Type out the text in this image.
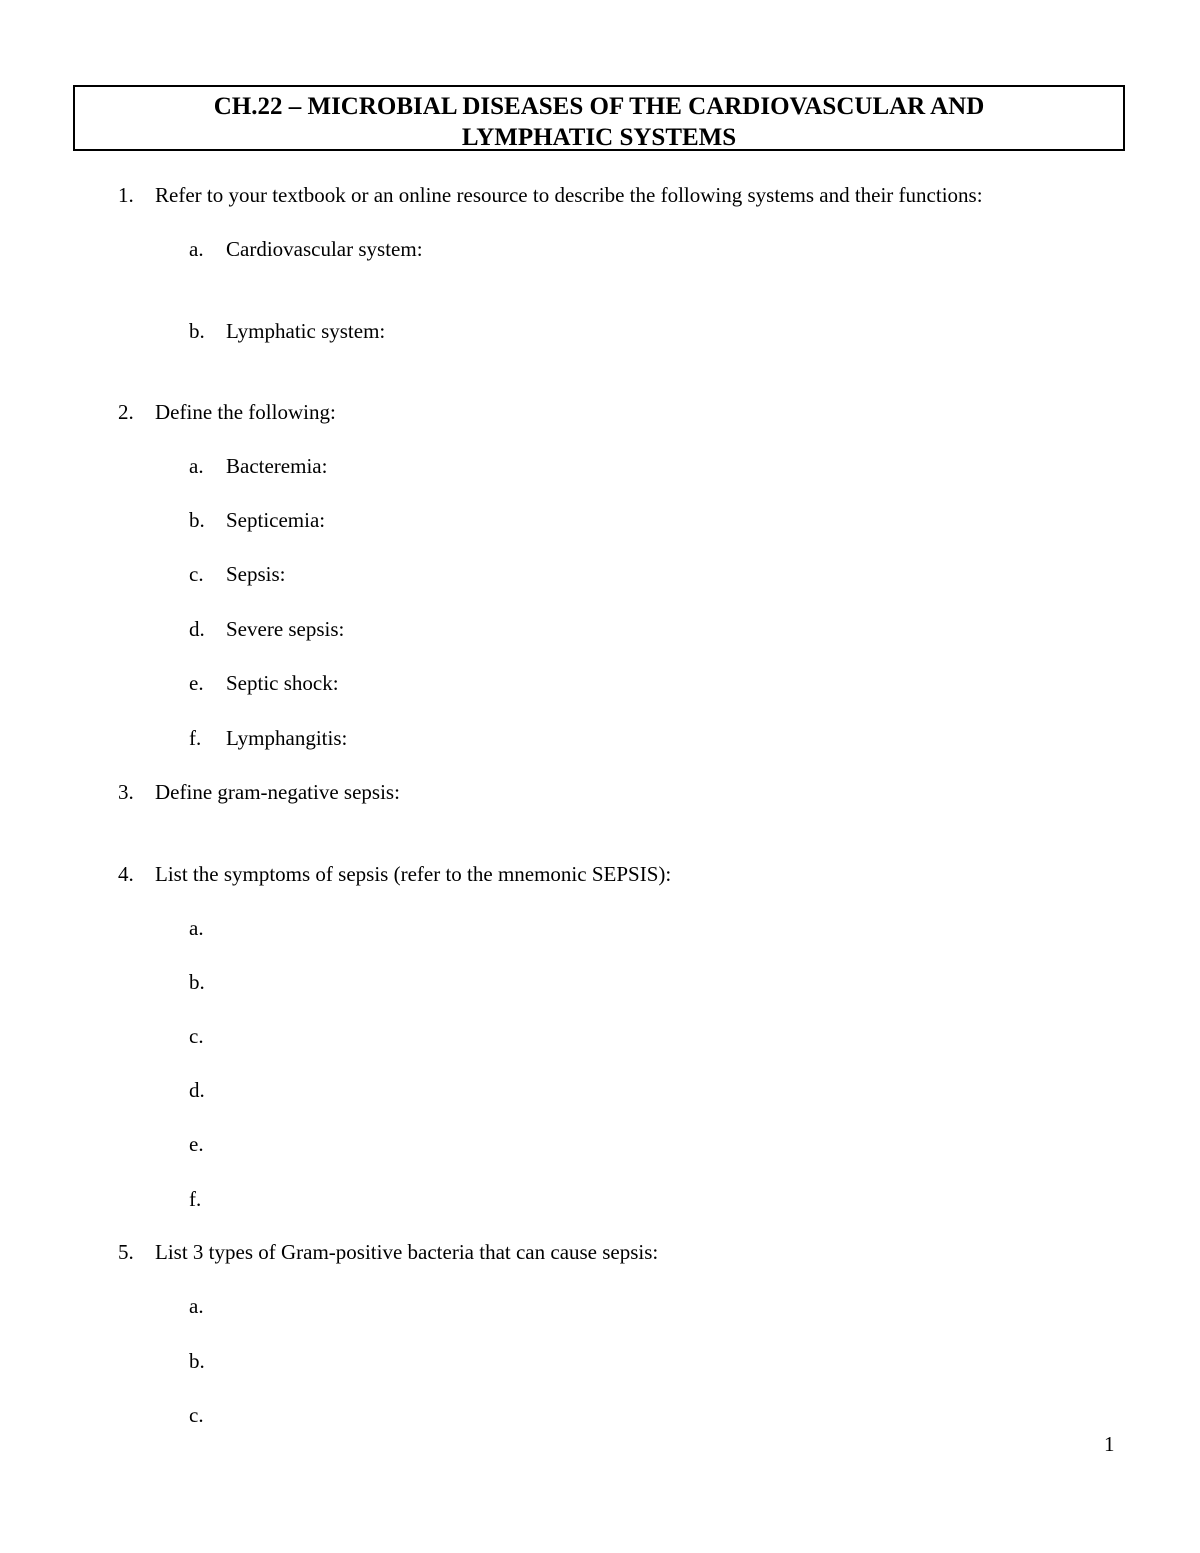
CH.22 – MICROBIAL DISEASES OF THE CARDIOVASCULAR AND
LYMPHATIC SYSTEMS
1. Refer to your textbook or an online resource to describe the following systems and their functions:
a. Cardiovascular system:
b. Lymphatic system:
2. Define the following:
a. Bacteremia:
b. Septicemia:
c. Sepsis:
d. Severe sepsis:
e. Septic shock:
f. Lymphangitis:
3. Define gram-negative sepsis:
4. List the symptoms of sepsis (refer to the mnemonic SEPSIS):
a.
b.
c.
d.
e.
f.
5. List 3 types of Gram-positive bacteria that can cause sepsis:
a.
b.
c.
1
